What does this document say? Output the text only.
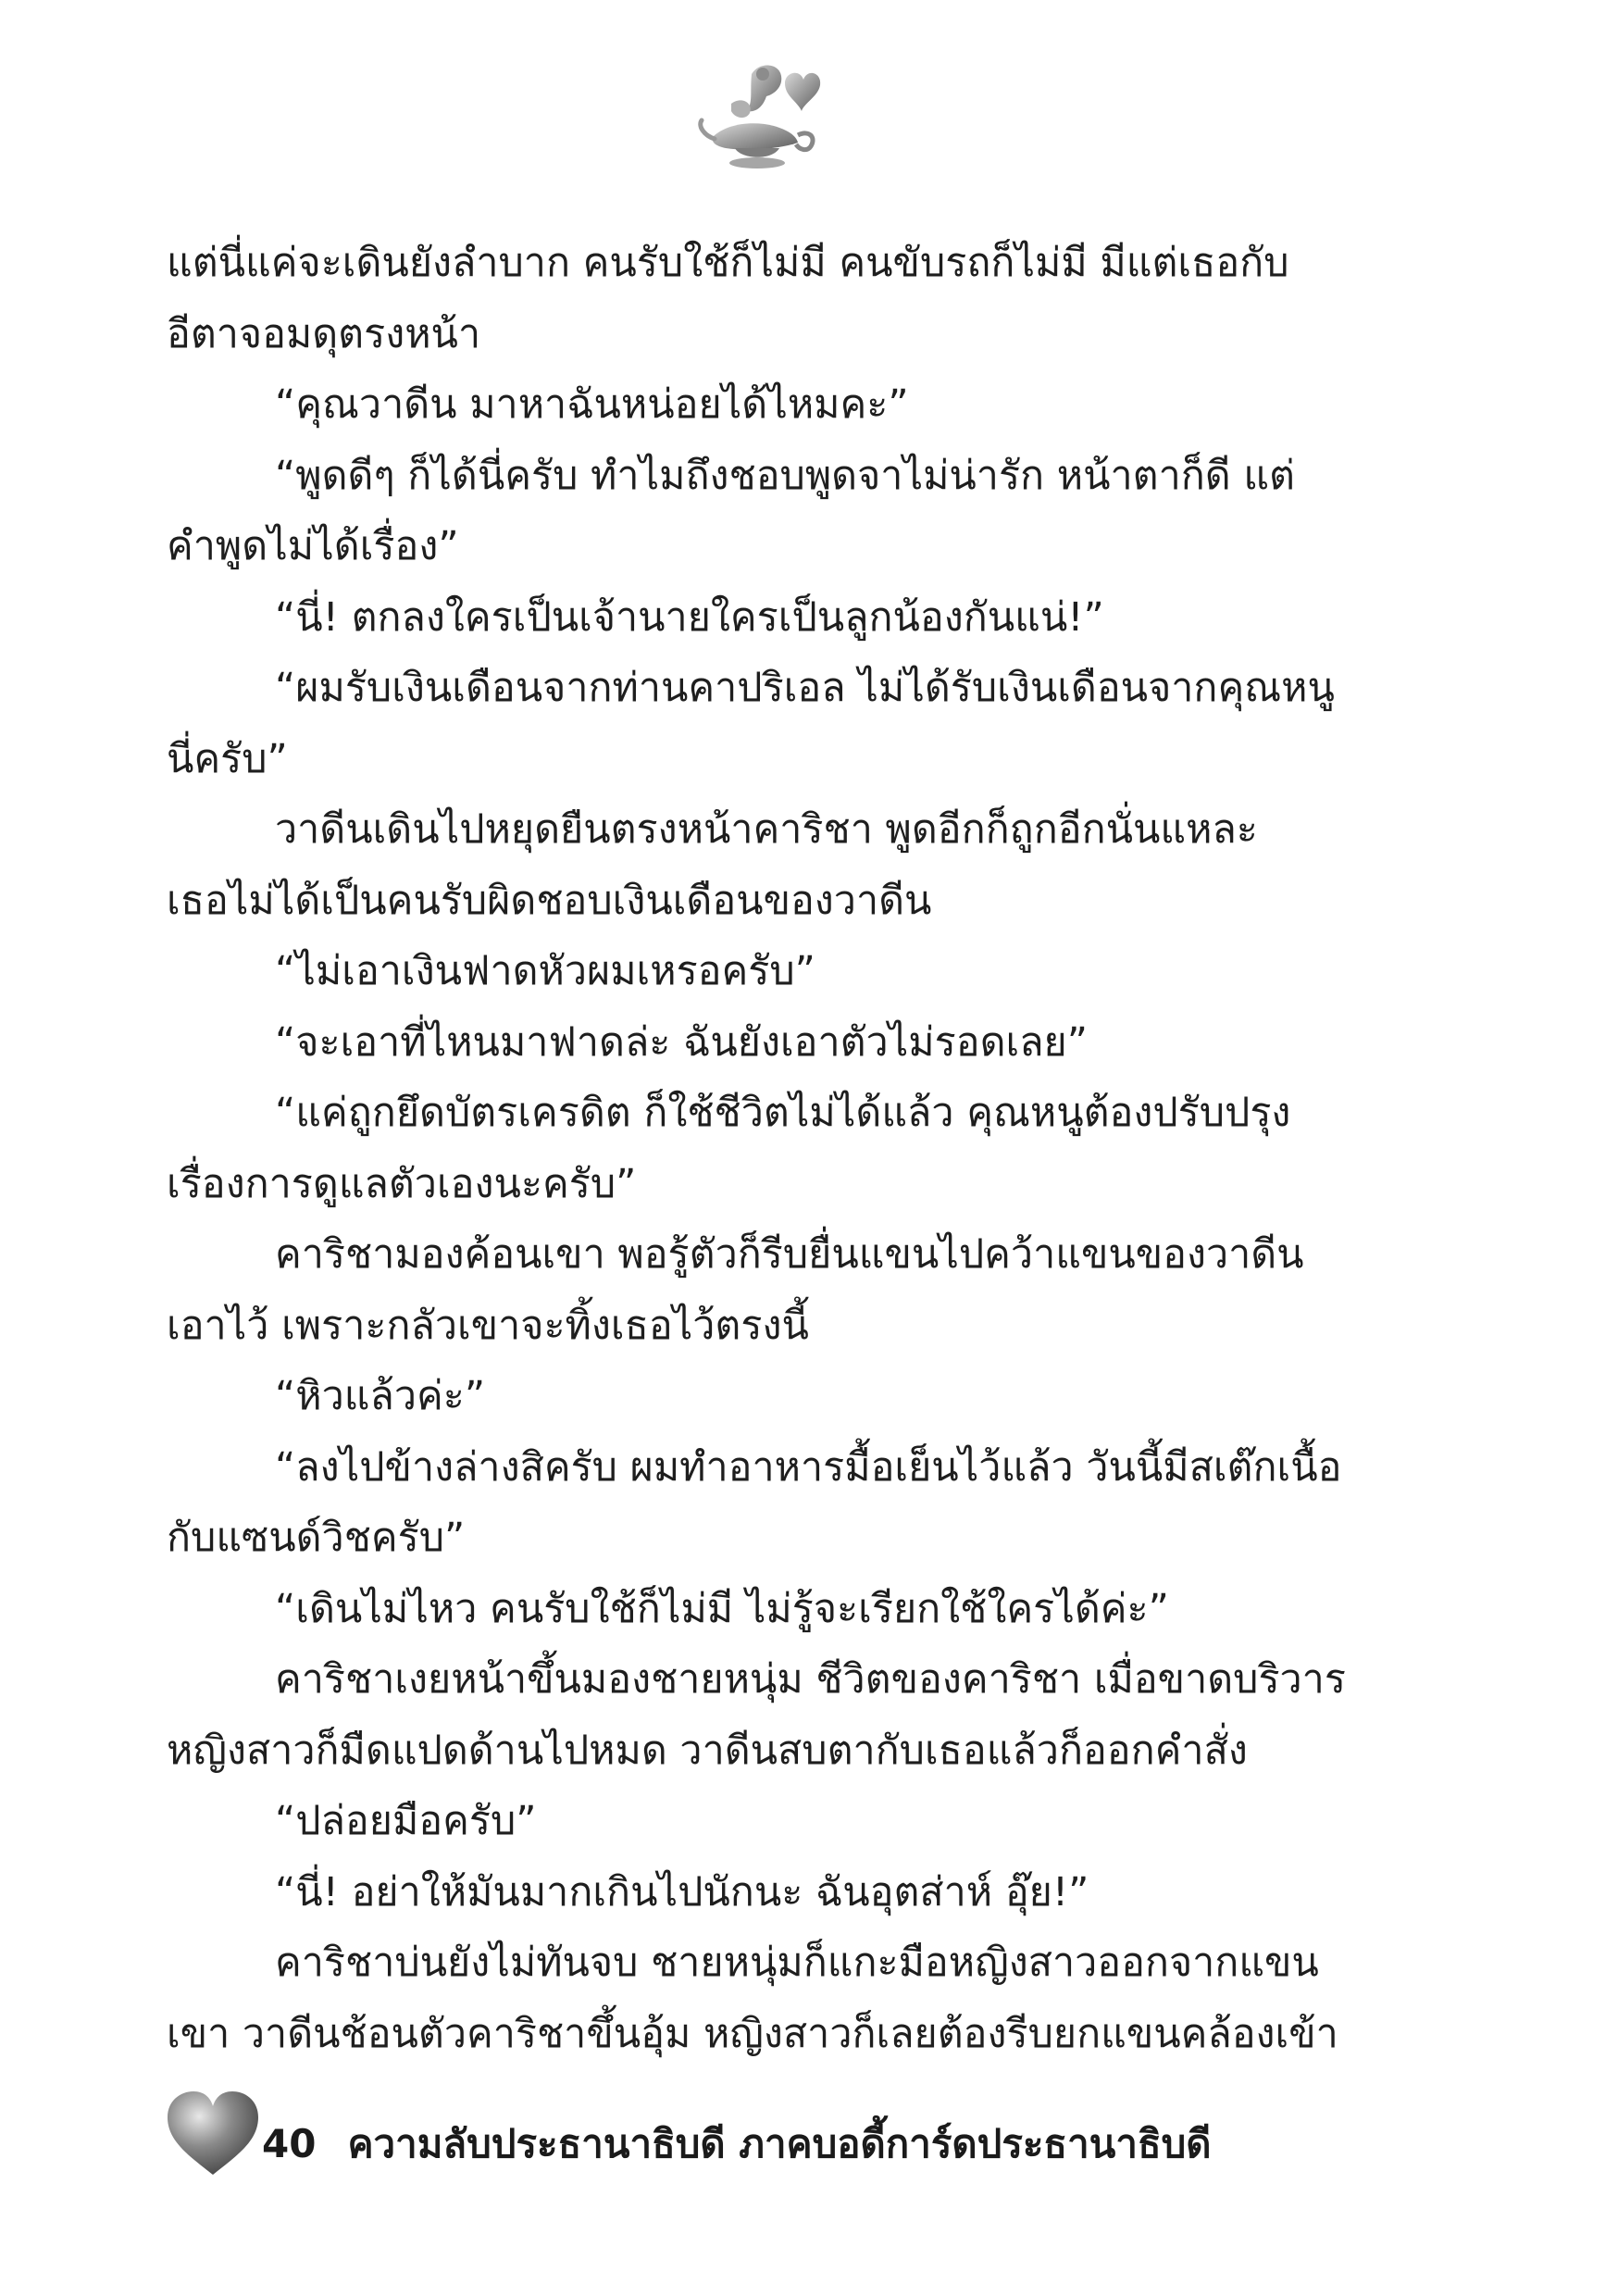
แต่นี่แค่จะเดินยังลำบาก คนรับใช้ก็ไม่มี คนขับรถก็ไม่มี มีแต่เธอกับ
อีตาจอมดุตรงหน้า
“คุณวาดีน มาหาฉันหน่อยได้ไหมคะ”
“พูดดีๆ ก็ได้นี่ครับ ทำไมถึงชอบพูดจาไม่น่ารัก หน้าตาก็ดี แต่
คำพูดไม่ได้เรื่อง”
“นี่! ตกลงใครเป็นเจ้านายใครเป็นลูกน้องกันแน่!”
“ผมรับเงินเดือนจากท่านคาปริเอล ไม่ได้รับเงินเดือนจากคุณหนู
นี่ครับ”
วาดีนเดินไปหยุดยืนตรงหน้าคาริชา พูดอีกก็ถูกอีกนั่นแหละ
เธอไม่ได้เป็นคนรับผิดชอบเงินเดือนของวาดีน
“ไม่เอาเงินฟาดหัวผมเหรอครับ”
“จะเอาที่ไหนมาฟาดล่ะ ฉันยังเอาตัวไม่รอดเลย”
“แค่ถูกยึดบัตรเครดิต ก็ใช้ชีวิตไม่ได้แล้ว คุณหนูต้องปรับปรุง
เรื่องการดูแลตัวเองนะครับ”
คาริชามองค้อนเขา พอรู้ตัวก็รีบยื่นแขนไปคว้าแขนของวาดีน
เอาไว้ เพราะกลัวเขาจะทิ้งเธอไว้ตรงนี้
“หิวแล้วค่ะ”
“ลงไปข้างล่างสิครับ ผมทำอาหารมื้อเย็นไว้แล้ว วันนี้มีสเต๊กเนื้อ
กับแซนด์วิชครับ”
“เดินไม่ไหว คนรับใช้ก็ไม่มี ไม่รู้จะเรียกใช้ใครได้ค่ะ”
คาริชาเงยหน้าขึ้นมองชายหนุ่ม ชีวิตของคาริชา เมื่อขาดบริวาร
หญิงสาวก็มืดแปดด้านไปหมด วาดีนสบตากับเธอแล้วก็ออกคำสั่ง
“ปล่อยมือครับ”
“นี่! อย่าให้มันมากเกินไปนักนะ ฉันอุตส่าห์ อุ๊ย!”
คาริชาบ่นยังไม่ทันจบ ชายหนุ่มก็แกะมือหญิงสาวออกจากแขน
เขา วาดีนช้อนตัวคาริชาขึ้นอุ้ม หญิงสาวก็เลยต้องรีบยกแขนคล้องเข้า
40 ความลับประธานาธิบดี ภาคบอดี้การ์ดประธานาธิบดี
